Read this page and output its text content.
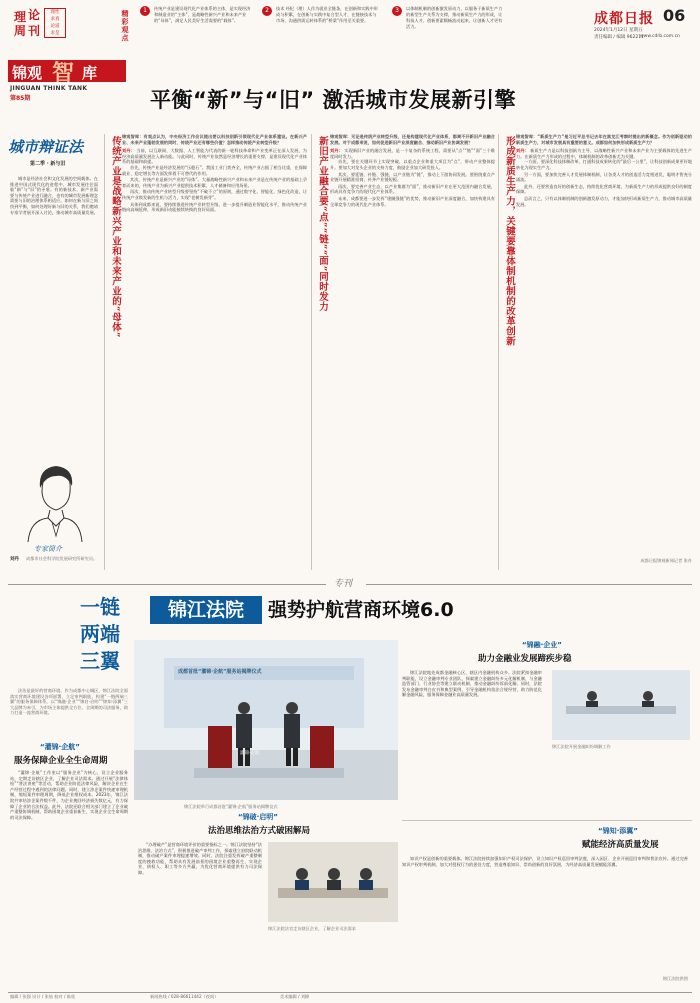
理 论
周 刊
理性
求真
论道
求是	精彩观点	1	传统产业是建设现代化产业体系的主体，是实现经济和制造业的“主体”，是战略性新兴产业和未来产业的“母体”，满足人民美好生活需要的“载体”。
2	技术 经纪（理）人作为就业全链条，在创新和实践中形成与积累，在创新与实践中复合型人才，在链接技术与市场、沟通供需运转体系的“桥梁”作用至关重要。
3	以体制机制的创新激发原动力，以服务于新质生产力的新型生产关系为支撑，推动新质生产力的形成，让科技人才、创新要素顺畅流动起来，让创新人才更有活力。	成都日报 06
2024年1月12日 星期五
责任编辑 / 编辑 962211
www.cdrb.com.cn
锦观 智 库
JINGUAN THINK TANK
第85期	平衡“新”与“旧” 激活城市发展新引擎
城市辩证法
第二季 · 新与旧
城市是经济社会和文化发展的空间载体。在推进中国式现代化的进程中，城市发展往往面临“新”与“旧”的矛盾。有的新技术、新产业需要与传统产业进行融合，也有的城市发展新理念需要与旧的治理体系相适应。如何在新与旧之间找到平衡，如何处理好新与旧的关系，我们邀请专家学者展开深入讨论，推动城市高质量发展。
专家简介
刘丹 成都市社会科学院发展研究所研究员。
传统产业是战略新兴产业和未来产业的“母体” 锦观智库：有观点认为，中央经济工作会议提出要以科技创新引领现代化产业体系建设。在新兴产业、未来产业蓬勃发展的同时，传统产业还有哪些价值？怎样推动传统产业转型升级？
刘丹： 当前，以互联网、大数据、人工智能为代表的新一轮科技革命和产业变革正在深入发展，为经济高质量发展注入新动能。与此同时，传统产业依然是经济增长的重要支撑，是建设现代化产业体系的基础和前提。

首先，传统产业是经济发展的“压舱石”。我国工业门类齐全，传统产业占据了相当比重，在保障就业、稳定增长等方面发挥着不可替代的作用。

其次，传统产业是新兴产业的“母体”。大量战略性新兴产业和未来产业是在传统产业的基础上孕育而来的，传统产业为新兴产业提供技术积累、人才储备和应用场景。

再次，推动传统产业转型升级要坚持“不破不立”的原则，通过数字化、智能化、绿色化改造，让传统产业焕发新的生机与活力，实现“老树发新芽”。

具体到成都来说，要持续推进传统产业转型升级，进一步提升制造业智能化水平，推动传统产业链向高端延伸，形成新旧动能接续转换的良好局面。	新旧产业融合要“点”“链”“面”同时发力 锦观智库：无论是传统产业转型升级，还是构建现代化产业体系，都离不开新旧产业融合发展。对于成都来说，如何促进新旧产业深度融合、推动新旧产业协调发展？
刘丹： 实现新旧产业的融合发展，是一个复杂的系统工程，需要从“点”“链”“面”三个维度同时发力。

首先，要在关键环节上实现突破，以重点企业和重大项目为“点”，带动产业整体提升。要加大对龙头企业的支持力度，鼓励企业加大研发投入。

其次，要延链、补链、强链，以产业链为“链”，推动上下游协同发展。要围绕重点产业链开展精准招商，补齐产业链短板。

再次，要完善产业生态，以产业集群为“面”，推动新旧产业在更大范围内融合发展，形成具有竞争力的现代化产业体系。

未来，成都要进一步发挥“建圈强链”的优势，推动新旧产业深度融合，加快构建具有全球竞争力的现代化产业体系。	形成新质生产力，关键要靠体制机制的改革创新 锦观智库：“新质生产力”是习近平总书记去年在黑龙江考察时提出的新概念。作为创新驱动的新质生产力，对城市发展具有重要的意义。成都如何加快形成新质生产力？
刘丹： 新质生产力是以科技创新为主导、以战略性新兴产业和未来产业为主要载体的先进生产力。在新质生产力形成的过程中，体制机制的改革创新尤为关键。

一方面，要深化科技体制改革，打通科技成果转化的“最后一公里”，让科技创新成果更好地转化为现实生产力。

另一方面，要加快完善人才发展体制机制，让各类人才的创造活力竞相迸发，聪明才智充分涌流。

此外，还要营造良好的创新生态，持续优化营商环境，为新质生产力的形成提供良好的制度保障。

总而言之，只有以体制机制的创新激发原动力，才能加快形成新质生产力，推动城市高质量发展。

成都日报锦观新闻记者 张舟
专刊
一链
两端
三翼
锦江法院	强势护航营商环境6.0
法治是最好的营商环境。作为成都中心城区，锦江法院全面落实营商环境建设各项部署，立足审判职能，构建“一链两端三翼”的服务保障体系，以“锦融·企业”“锦启·启明”“锦知·添翼”三大品牌为牵引，为市场主体提供全方位、全周期的司法服务，助力打造一流营商环境。
“灌锦·企航”
服务保障企业全生命周期
“灌锦·企航”工作室以“服务企业”为核心，设立企业服务站，定期走访辖区企业，了解企业司法需求。通过开展“法律体检”“普法讲座”等活动，帮助企业防范法律风险，解决企业在生产经营过程中遇到的法律问题。同时，建立涉企案件快速审理机制，缩短案件审理周期，降低企业维权成本。2023年，锦江法院共审结涉企案件数千件，为企业挽回经济损失数亿元，有力保障了企业的合法权益。此外，法院还联合相关部门建立了企业破产重整协调机制，帮助困境企业重获新生，实现企业全生命周期的司法保障。
成都首批“灌锦·企航”服务站揭牌仪式
灌锦·企航
锦江法院举行成都首批“灌锦·企航”服务站揭牌仪式
“锦融·企业”
助力金融业发展蹄疾步稳
锦江法院地处成都金融核心区，辖区内金融机构众多。法院紧扣金融审判职能，设立金融审判专业团队，探索建立金融纠纷多元化解机制，与金融监管部门、行业协会等建立联动机制，推动金融纠纷诉前化解。同时，法院发布金融审判白皮书和典型案例，引导金融机构依法合规经营，助力防范化解金融风险，服务保障金融业高质量发展。
锦江法院开展金融纠纷调解工作
“锦破·启明”
法治思维法治方式破困解局
“办理破产”是营商环境评价的重要指标之一。锦江法院坚持“法治思维、法治方式”，积极推进破产审判工作，探索建立府院联动机制，推动破产案件审理提速增效。同时，法院注重发挥破产重整制度的挽救功能，帮助具有发展前景的困境企业重整再生，实现企业、债权人、职工等多方共赢，为优化营商环境提供有力司法保障。
锦江法院法官走访辖区企业，了解企业司法需求
“锦知·添翼”
赋能经济高质量发展
知识产权是创新的重要载体。锦江法院持续加强知识产权司法保护，设立知识产权巡回审判法庭，深入园区、企业开展巡回审判和普法宣传。通过完善知识产权审判机制，加大对侵权行为的惩处力度，营造尊重知识、崇尚创新的良好氛围，为经济高质量发展赋能添翼。
锦江法院供图
编辑 / 张强 设计 / 张灿 校对 / 陈欣	新闻热线 / 028-86611442（夜间）	美术编辑 / 刘柳
